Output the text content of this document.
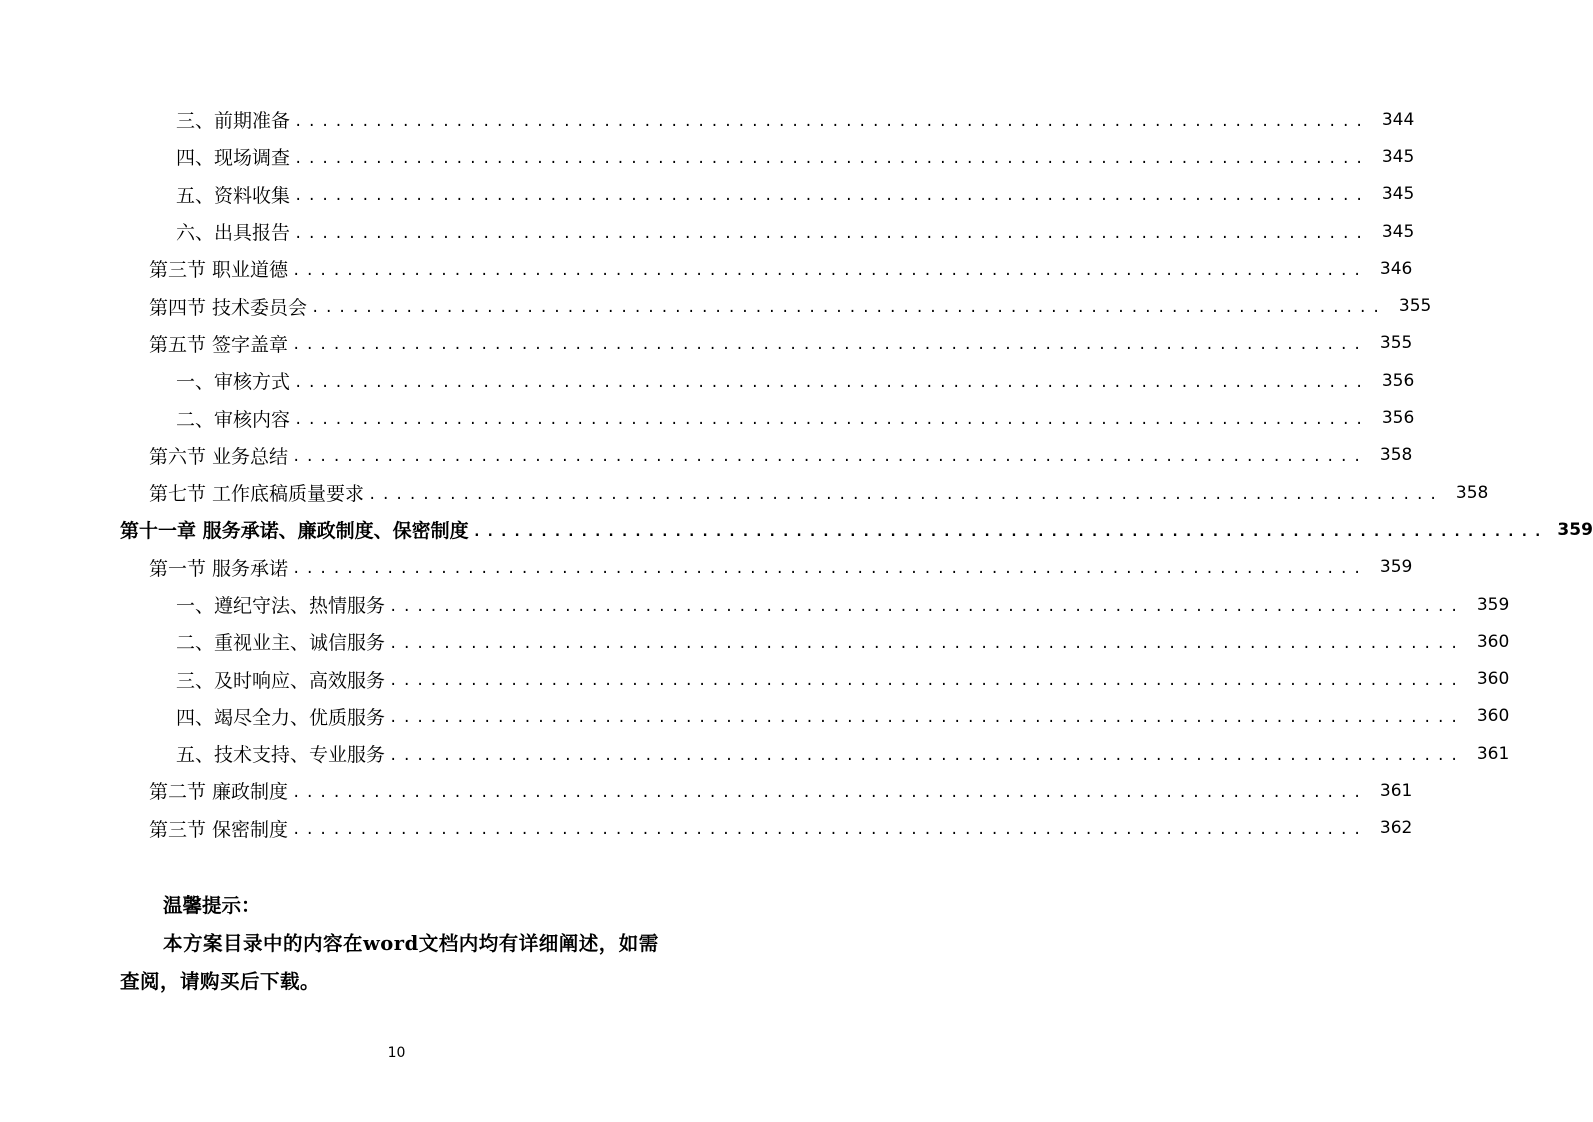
三、前期准备 ................................................................................ 344
四、现场调查 ................................................................................ 345
五、资料收集 ................................................................................ 345
六、出具报告 ................................................................................ 345
第三节 职业道德 ................................................................................ 346
第四节 技术委员会 ................................................................................ 355
第五节 签字盖章 ................................................................................ 355
一、审核方式 ................................................................................ 356
二、审核内容 ................................................................................ 356
第六节 业务总结 ................................................................................ 358
第七节 工作底稿质量要求 ................................................................................ 358
第十一章 服务承诺、廉政制度、保密制度 ................................................................................ 359
第一节 服务承诺 ................................................................................ 359
一、遵纪守法、热情服务 ................................................................................ 359
二、重视业主、诚信服务 ................................................................................ 360
三、及时响应、高效服务 ................................................................................ 360
四、竭尽全力、优质服务 ................................................................................ 360
五、技术支持、专业服务 ................................................................................ 361
第二节 廉政制度 ................................................................................ 361
第三节 保密制度 ................................................................................ 362
温馨提示：
本方案目录中的内容在word文档内均有详细阐述，如需查阅，请购买后下载。
10
